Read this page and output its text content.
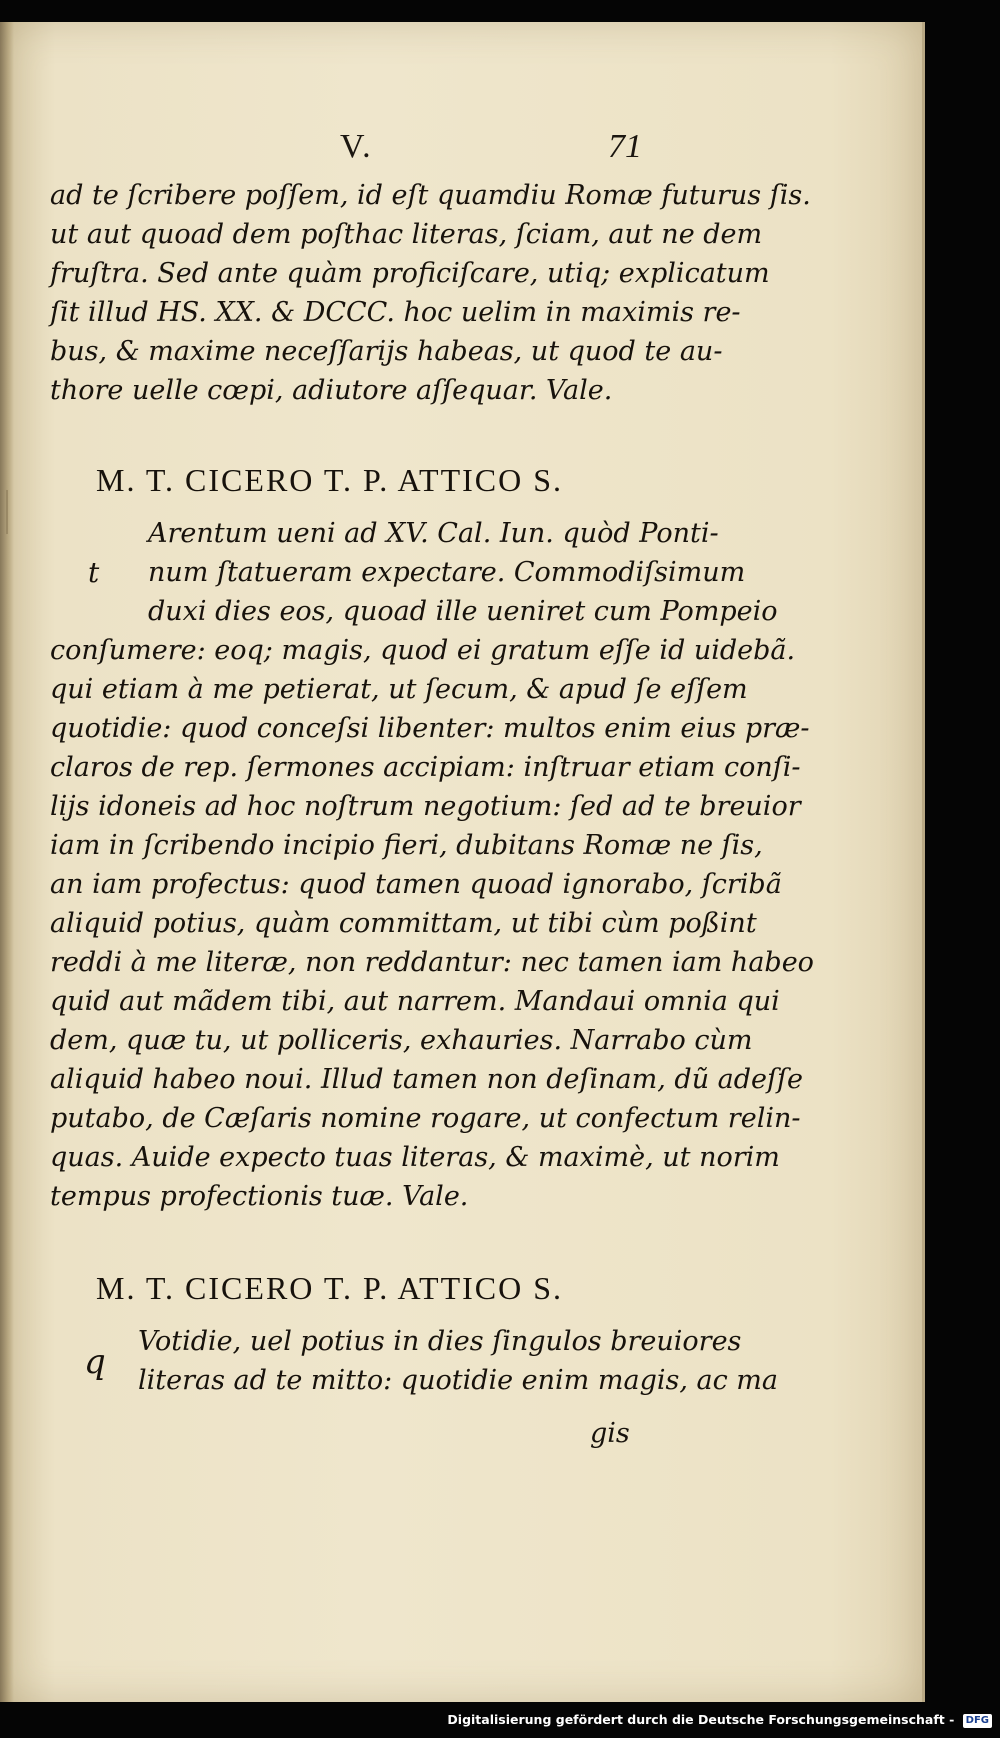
V.	71
ad te ſcribere poſſem, id eſt quamdiu Romæ futurus ſis.
ut aut quoad dem poſthac literas, ſciam, aut ne dem
fruſtra. Sed ante quàm proficiſcare, utiq; explicatum
ſit illud HS. XX. & DCCC. hoc uelim in maximis re-
bus, & maxime neceſſarijs habeas, ut quod te au-
thore uelle cœpi, adiutore aſſequar. Vale.
M. T. CICERO T. P. ATTICO S.
t
Arentum ueni ad XV. Cal. Iun. quòd Ponti-
num ſtatueram expectare. Commodiſsimum
duxi dies eos, quoad ille ueniret cum Pompeio
conſumere: eoq; magis, quod ei gratum eſſe id uidebã.
qui etiam à me petierat, ut ſecum, & apud ſe eſſem
quotidie: quod conceſsi libenter: multos enim eius præ-
claros de rep. ſermones accipiam: inſtruar etiam conſi-
lijs idoneis ad hoc noſtrum negotium: ſed ad te breuior
iam in ſcribendo incipio fieri, dubitans Romæ ne ſis,
an iam profectus: quod tamen quoad ignorabo, ſcribã
aliquid potius, quàm committam, ut tibi cùm poßint
reddi à me literæ, non reddantur: nec tamen iam habeo
quid aut mãdem tibi, aut narrem. Mandaui omnia qui
dem, quæ tu, ut polliceris, exhauries. Narrabo cùm
aliquid habeo noui. Illud tamen non deſinam, dũ adeſſe
putabo, de Cæſaris nomine rogare, ut confectum relin-
quas. Auide expecto tuas literas, & maximè, ut norim
tempus profectionis tuæ. Vale.
M. T. CICERO T. P. ATTICO S.
q
Votidie, uel potius in dies ſingulos breuiores
literas ad te mitto: quotidie enim magis, ac ma
gis
Digitalisierung gefördert durch die Deutsche Forschungsgemeinschaft - DFG
